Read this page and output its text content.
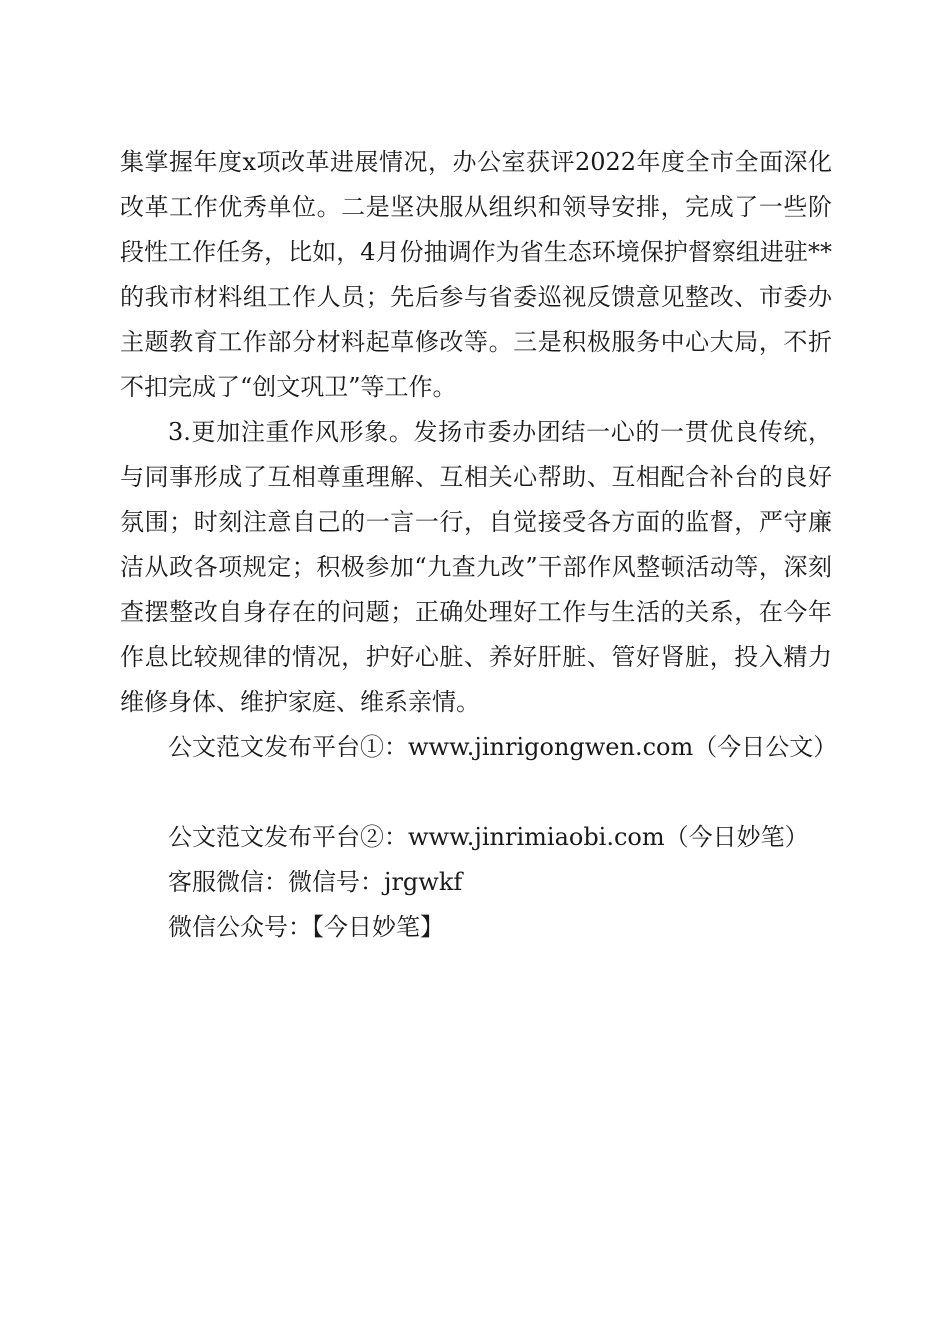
集掌握年度x项改革进展情况，办公室获评2022年度全市全面深化改革工作优秀单位。二是坚决服从组织和领导安排，完成了一些阶段性工作任务，比如，4月份抽调作为省生态环境保护督察组进驻**的我市材料组工作人员；先后参与省委巡视反馈意见整改、市委办主题教育工作部分材料起草修改等。三是积极服务中心大局，不折不扣完成了“创文巩卫”等工作。

3.更加注重作风形象。发扬市委办团结一心的一贯优良传统，与同事形成了互相尊重理解、互相关心帮助、互相配合补台的良好氛围；时刻注意自己的一言一行，自觉接受各方面的监督，严守廉洁从政各项规定；积极参加“九查九改”干部作风整顿活动等，深刻查摆整改自身存在的问题；正确处理好工作与生活的关系，在今年作息比较规律的情况，护好心脏、养好肝脏、管好肾脏，投入精力维修身体、维护家庭、维系亲情。

公文范文发布平台①：www.jinrigongwen.com（今日公文）

公文范文发布平台②：www.jinrimiaobi.com（今日妙笔）

客服微信：微信号：jrgwkf

微信公众号：【今日妙笔】
